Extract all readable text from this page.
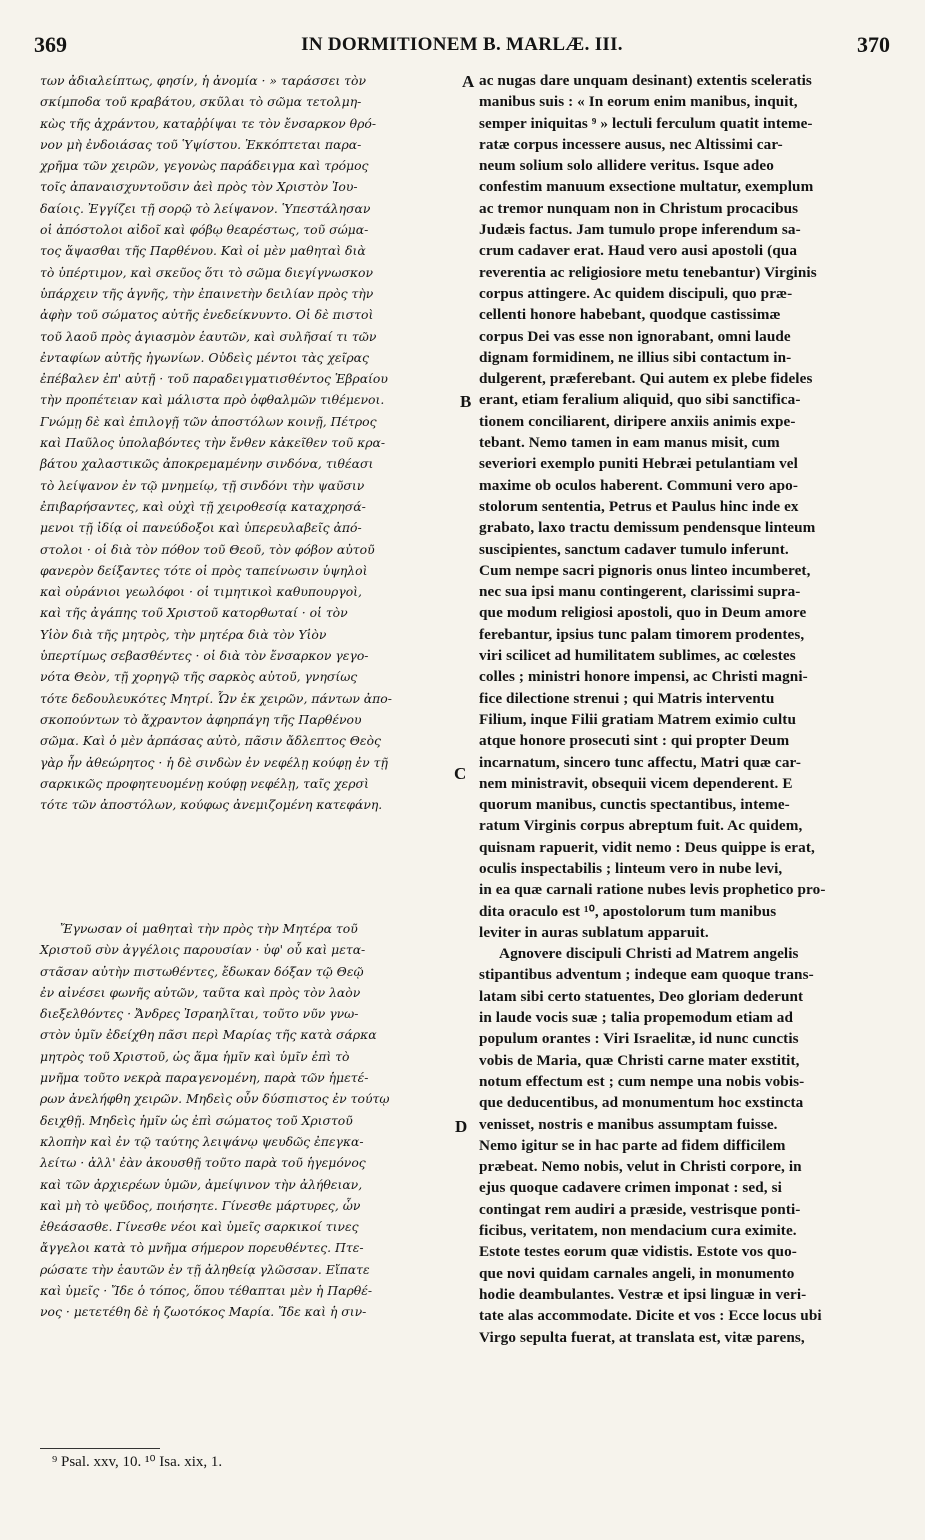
369	IN DORMITIONEM B. MARLÆ. III.	370
των ἀδιαλείπτως, φησίν, ἡ ἀνομία · » ταράσσει τὸν
σκίμποδα τοῦ κραβάτου, σκῦλαι τὸ σῶμα τετολμη-
κὼς τῆς ἀχράντου, καταῤῥίψαι τε τὸν ἔνσαρκον θρό-
νον μὴ ἐνδοιάσας τοῦ Ὑψίστου. Ἐκκόπτεται παρα-
χρῆμα τῶν χειρῶν, γεγονὼς παράδειγμα καὶ τρόμος
τοῖς ἀπαναισχυντοῦσιν ἀεὶ πρὸς τὸν Χριστὸν Ἰου-
δαίοις. Ἐγγίζει τῇ σορῷ τὸ λείψανον. Ὑπεστάλησαν
οἱ ἀπόστολοι αἰδοῖ καὶ φόβῳ θεαρέστως, τοῦ σώμα-
τος ἅψασθαι τῆς Παρθένου. Καὶ οἱ μὲν μαθηταὶ διὰ
τὸ ὑπέρτιμον, καὶ σκεῦος ὅτι τὸ σῶμα διεγίγνωσκον
ὑπάρχειν τῆς ἁγνῆς, τὴν ἐπαινετὴν δειλίαν πρὸς τὴν
ἀφὴν τοῦ σώματος αὐτῆς ἐνεδείκνυντο. Οἱ δὲ πιστοὶ
τοῦ λαοῦ πρὸς ἁγιασμὸν ἑαυτῶν, καὶ συλῆσαί τι τῶν
ἐνταφίων αὐτῆς ἠγωνίων. Οὐδεὶς μέντοι τὰς χεῖρας
ἐπέβαλεν ἐπ' αὐτῇ · τοῦ παραδειγματισθέντος Ἑβραίου
τὴν προπέτειαν καὶ μάλιστα πρὸ ὀφθαλμῶν τιθέμενοι.
Γνώμῃ δὲ καὶ ἐπιλογῇ τῶν ἀποστόλων κοινῇ, Πέτρος
καὶ Παῦλος ὑπολαβόντες τὴν ἔνθεν κἀκεῖθεν τοῦ κρα-
βάτου χαλαστικῶς ἀποκρεμαμένην σινδόνα, τιθέασι
τὸ λείψανον ἐν τῷ μνημείῳ, τῇ σινδόνι τὴν ψαῦσιν
ἐπιβαρήσαντες, καὶ οὐχὶ τῇ χειροθεσίᾳ καταχρησά-
μενοι τῇ ἰδίᾳ οἱ πανεύδοξοι καὶ ὑπερευλαβεῖς ἀπό-
στολοι · οἱ διὰ τὸν πόθον τοῦ Θεοῦ, τὸν φόβον αὐτοῦ
φανερὸν δείξαντες τότε οἱ πρὸς ταπείνωσιν ὑψηλοὶ
καὶ οὐράνιοι γεωλόφοι · οἱ τιμητικοὶ καθυπουργοὶ,
καὶ τῆς ἀγάπης τοῦ Χριστοῦ κατορθωταί · οἱ τὸν
Υἱὸν διὰ τῆς μητρὸς, τὴν μητέρα διὰ τὸν Υἱὸν
ὑπερτίμως σεβασθέντες · οἱ διὰ τὸν ἔνσαρκον γεγο-
νότα Θεὸν, τῇ χορηγῷ τῆς σαρκὸς αὐτοῦ, γνησίως
τότε δεδουλευκότες Μητρί. Ὧν ἐκ χειρῶν, πάντων ἀπο-
σκοπούντων τὸ ἄχραντον ἀφηρπάγη τῆς Παρθένου
σῶμα. Καὶ ὁ μὲν ἁρπάσας αὐτὸ, πᾶσιν ἄδλεπτος Θεὸς
γὰρ ἦν ἀθεώρητος · ἡ δὲ σινδὼν ἐν νεφέλῃ κούφῃ ἐν τῇ
σαρκικῶς προφητευομένῃ κούφῃ νεφέλῃ, ταῖς χερσὶ
τότε τῶν ἀποστόλων, κούφως ἀνεμιζομένη κατεφάνη.
ac nugas dare unquam desinant) extentis sceleratis
manibus suis : « In eorum enim manibus, inquit,
semper iniquitas ⁹ » lectuli ferculum quatit inteme-
ratæ corpus incessere ausus, nec Altissimi car-
neum solium solo allidere veritus. Isque adeo
confestim manuum exsectione multatur, exemplum
ac tremor nunquam non in Christum procacibus
Judæis factus. Jam tumulo prope inferendum sa-
crum cadaver erat. Haud vero ausi apostoli (qua
reverentia ac religiosiore metu tenebantur) Virginis
corpus attingere. Ac quidem discipuli, quo præ-
cellenti honore habebant, quodque castissimæ
corpus Dei vas esse non ignorabant, omni laude
dignam formidinem, ne illius sibi contactum in-
dulgerent, præferebant. Qui autem ex plebe fideles
erant, etiam feralium aliquid, quo sibi sanctifica-
tionem conciliarent, diripere anxiis animis expe-
tebant. Nemo tamen in eam manus misit, cum
severiori exemplo puniti Hebræi petulantiam vel
maxime ob oculos haberent. Communi vero apo-
stolorum sententia, Petrus et Paulus hinc inde ex
grabato, laxo tractu demissum pendensque linteum
suscipientes, sanctum cadaver tumulo inferunt.
Cum nempe sacri pignoris onus linteo incumberet,
nec sua ipsi manu contingerent, clarissimi supra-
que modum religiosi apostoli, quo in Deum amore
ferebantur, ipsius tunc palam timorem prodentes,
viri scilicet ad humilitatem sublimes, ac cœlestes
colles ; ministri honore impensi, ac Christi magni-
fice dilectione strenui ; qui Matris interventu
Filium, inque Filii gratiam Matrem eximio cultu
atque honore prosecuti sint : qui propter Deum
incarnatum, sincero tunc affectu, Matri quæ car-
nem ministravit, obsequii vicem dependerent. E
quorum manibus, cunctis spectantibus, inteme-
ratum Virginis corpus abreptum fuit. Ac quidem,
quisnam rapuerit, vidit nemo : Deus quippe is erat,
oculis inspectabilis ; linteum vero in nube levi,
in ea quæ carnali ratione nubes levis prophetico pro-
dita oraculo est ¹⁰, apostolorum tum manibus
leviter in auras sublatum apparuit.
Agnovere discipuli Christi ad Matrem angelis
stipantibus adventum ; indeque eam quoque trans-
latam sibi certo statuentes, Deo gloriam dederunt
in laude vocis suæ ; talia propemodum etiam ad
populum orantes : Viri Israelitæ, id nunc cunctis
vobis de Maria, quæ Christi carne mater exstitit,
notum effectum est ; cum nempe una nobis vobis-
que deducentibus, ad monumentum hoc exstincta
venisset, nostris e manibus assumptam fuisse.
Nemo igitur se in hac parte ad fidem difficilem
præbeat. Nemo nobis, velut in Christi corpore, in
ejus quoque cadavere crimen imponat : sed, si
contingat rem audiri a præside, vestrisque ponti-
ficibus, veritatem, non mendacium cura eximite.
Estote testes eorum quæ vidistis. Estote vos quo-
que novi quidam carnales angeli, in monumento
hodie deambulantes. Vestræ et ipsi linguæ in veri-
tate alas accommodate. Dicite et vos : Ecce locus ubi
Virgo sepulta fuerat, at translata est, vitæ parens,
Ἔγνωσαν οἱ μαθηταὶ τὴν πρὸς τὴν Μητέρα τοῦ
Χριστοῦ σὺν ἀγγέλοις παρουσίαν · ὑφ' οὗ καὶ μετα-
στᾶσαν αὐτὴν πιστωθέντες, ἔδωκαν δόξαν τῷ Θεῷ
ἐν αἰνέσει φωνῆς αὐτῶν, ταῦτα καὶ πρὸς τὸν λαὸν
διεξελθόντες · Ἄνδρες Ἰσραηλῖται, τοῦτο νῦν γνω-
στὸν ὑμῖν ἐδείχθη πᾶσι περὶ Μαρίας τῆς κατὰ σάρκα
μητρὸς τοῦ Χριστοῦ, ὡς ἅμα ἡμῖν καὶ ὑμῖν ἐπὶ τὸ
μνῆμα τοῦτο νεκρὰ παραγενομένη, παρὰ τῶν ἡμετέ-
ρων ἀνελήφθη χειρῶν. Μηδεὶς οὖν δύσπιστος ἐν τούτῳ
δειχθῇ. Μηδεὶς ἡμῖν ὡς ἐπὶ σώματος τοῦ Χριστοῦ
κλοπὴν καὶ ἐν τῷ ταύτης λειψάνῳ ψευδῶς ἐπεγκα-
λείτω · ἀλλ' ἐὰν ἀκουσθῇ τοῦτο παρὰ τοῦ ἡγεμόνος
καὶ τῶν ἀρχιερέων ὑμῶν, ἀμείψινον τὴν ἀλήθειαν,
καὶ μὴ τὸ ψεῦδος, ποιήσητε. Γίνεσθε μάρτυρες, ὧν
ἐθεάσασθε. Γίνεσθε νέοι καὶ ὑμεῖς σαρκικοί τινες
ἄγγελοι κατὰ τὸ μνῆμα σήμερον πορευθέντες. Πτε-
ρώσατε τὴν ἑαυτῶν ἐν τῇ ἀληθείᾳ γλῶσσαν. Εἴπατε
καὶ ὑμεῖς · Ἴδε ὁ τόπος, ὅπου τέθαπται μὲν ἡ Παρθέ-
νος · μετετέθη δὲ ἡ ζωοτόκος Μαρία. Ἴδε καὶ ἡ σιν-
A
B
C
D
⁹ Psal. xxv, 10. ¹⁰ Isa. xix, 1.
